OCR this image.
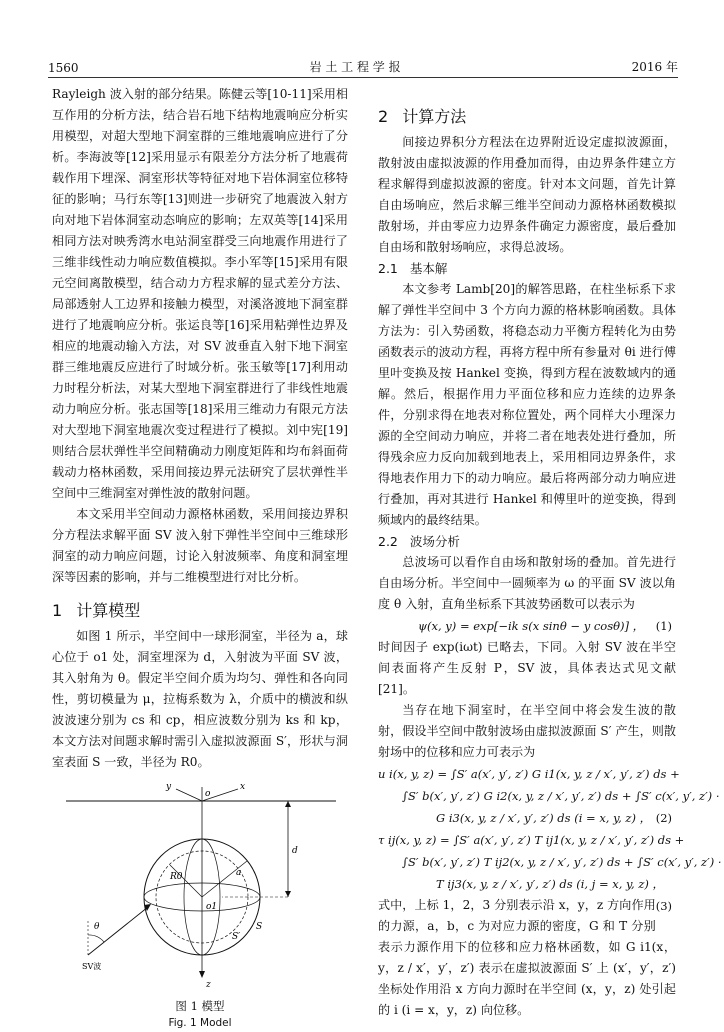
1560	岩 土 工 程 学 报	2016 年

Rayleigh 波入射的部分结果。陈健云等[10-11]采用相互作用的分析方法，结合岩石地下结构地震响应分析实用模型，对超大型地下洞室群的三维地震响应进行了分析。李海波等[12]采用显示有限差分方法分析了地震荷载作用下埋深、洞室形状等特征对地下岩体洞室位移特征的影响；马行东等[13]则进一步研究了地震波入射方向对地下岩体洞室动态响应的影响；左双英等[14]采用相同方法对映秀湾水电站洞室群受三向地震作用进行了三维非线性动力响应数值模拟。李小军等[15]采用有限元空间离散模型，结合动力方程求解的显式差分方法、局部透射人工边界和接触力模型，对溪洛渡地下洞室群进行了地震响应分析。张运良等[16]采用粘弹性边界及相应的地震动输入方法，对 SV 波垂直入射下地下洞室群三维地震反应进行了时域分析。张玉敏等[17]利用动力时程分析法，对某大型地下洞室群进行了非线性地震动力响应分析。张志国等[18]采用三维动力有限元方法对大型地下洞室地震次变过程进行了模拟。刘中宪[19]则结合层状弹性半空间精确动力刚度矩阵和均布斜面荷载动力格林函数，采用间接边界元法研究了层状弹性半空间中三维洞室对弹性波的散射问题。

本文采用半空间动力源格林函数，采用间接边界积分方程法求解平面 SV 波入射下弹性半空间中三维球形洞室的动力响应问题，讨论入射波频率、角度和洞室埋深等因素的影响，并与二维模型进行对比分析。

1 计算模型

如图 1 所示，半空间中一球形洞室，半径为 a，球心位于 o1 处，洞室埋深为 d，入射波为平面 SV 波，其入射角为 θ。假定半空间介质为均匀、弹性和各向同性，剪切模量为 μ，拉梅系数为 λ，介质中的横波和纵波波速分别为 cs 和 cp，相应波数分别为 ks 和 kp，本文方法对间题求解时需引入虚拟波源面 S′，形状与洞室表面 S 一致，半径为 R0。

o
x
y
z
d
a
R0
o1
S
S′
θ
SV波
图 1 模型
Fig. 1 Model
2 计算方法

间接边界积分方程法在边界附近设定虚拟波源面，散射波由虚拟波源的作用叠加而得，由边界条件建立方程求解得到虚拟波源的密度。针对本文问题，首先计算自由场响应，然后求解三维半空间动力源格林函数模拟散射场，并由零应力边界条件确定力源密度，最后叠加自由场和散射场响应，求得总波场。

2.1 基本解

本文参考 Lamb[20]的解答思路，在柱坐标系下求解了弹性半空间中 3 个方向力源的格林影响函数。具体方法为：引入势函数，将稳态动力平衡方程转化为由势函数表示的波动方程，再将方程中所有参量对 θi 进行傅里叶变换及按 Hankel 变换，得到方程在波数域内的通解。然后，根据作用力平面位移和应力连续的边界条件，分别求得在地表对称位置处，两个同样大小理深力源的全空间动力响应，并将二者在地表处进行叠加，所得残余应力反向加载到地表上，采用相同边界条件，求得地表作用力下的动力响应。最后将两部分动力响应进行叠加，再对其进行 Hankel 和傅里叶的逆变换，得到频域内的最终结果。

2.2 波场分析

总波场可以看作自由场和散射场的叠加。首先进行自由场分析。半空间中一圆频率为 ω 的平面 SV 波以角度 θ 入射，直角坐标系下其波势函数可以表示为

ψ(x, y) = exp[−ik s(x sinθ − y cosθ)] ， (1)

时间因子 exp(iωt) 已略去，下同。入射 SV 波在半空间表面将产生反射 P，SV 波，具体表达式见文献[21]。

当存在地下洞室时，在半空间中将会发生波的散射，假设半空间中散射波场由虚拟波源面 S′ 产生，则散射场中的位移和应力可表示为

u i(x, y, z) = ∫S′ a(x′, y′, z′) G i1(x, y, z / x′, y′, z′) ds +
∫S′ b(x′, y′, z′) G i2(x, y, z / x′, y′, z′) ds + ∫S′ c(x′, y′, z′) ·
G i3(x, y, z / x′, y′, z′) ds (i = x, y, z) ， (2)
τ ij(x, y, z) = ∫S′ a(x′, y′, z′) T ij1(x, y, z / x′, y′, z′) ds +
∫S′ b(x′, y′, z′) T ij2(x, y, z / x′, y′, z′) ds + ∫S′ c(x′, y′, z′) ·
T ij3(x, y, z / x′, y′, z′) ds (i, j = x, y, z) ，
(3)

式中，上标 1，2，3 分别表示沿 x，y，z 方向作用的力源，a，b，c 为对应力源的密度，G 和 T 分别表示力源作用下的位移和应力格林函数，如 G i1(x，y，z / x′，y′，z′) 表示在虚拟波源面 S′ 上 (x′，y′，z′) 坐标处作用沿 x 方向力源时在半空间 (x，y，z) 处引起的 i (i = x，y，z) 向位移。
